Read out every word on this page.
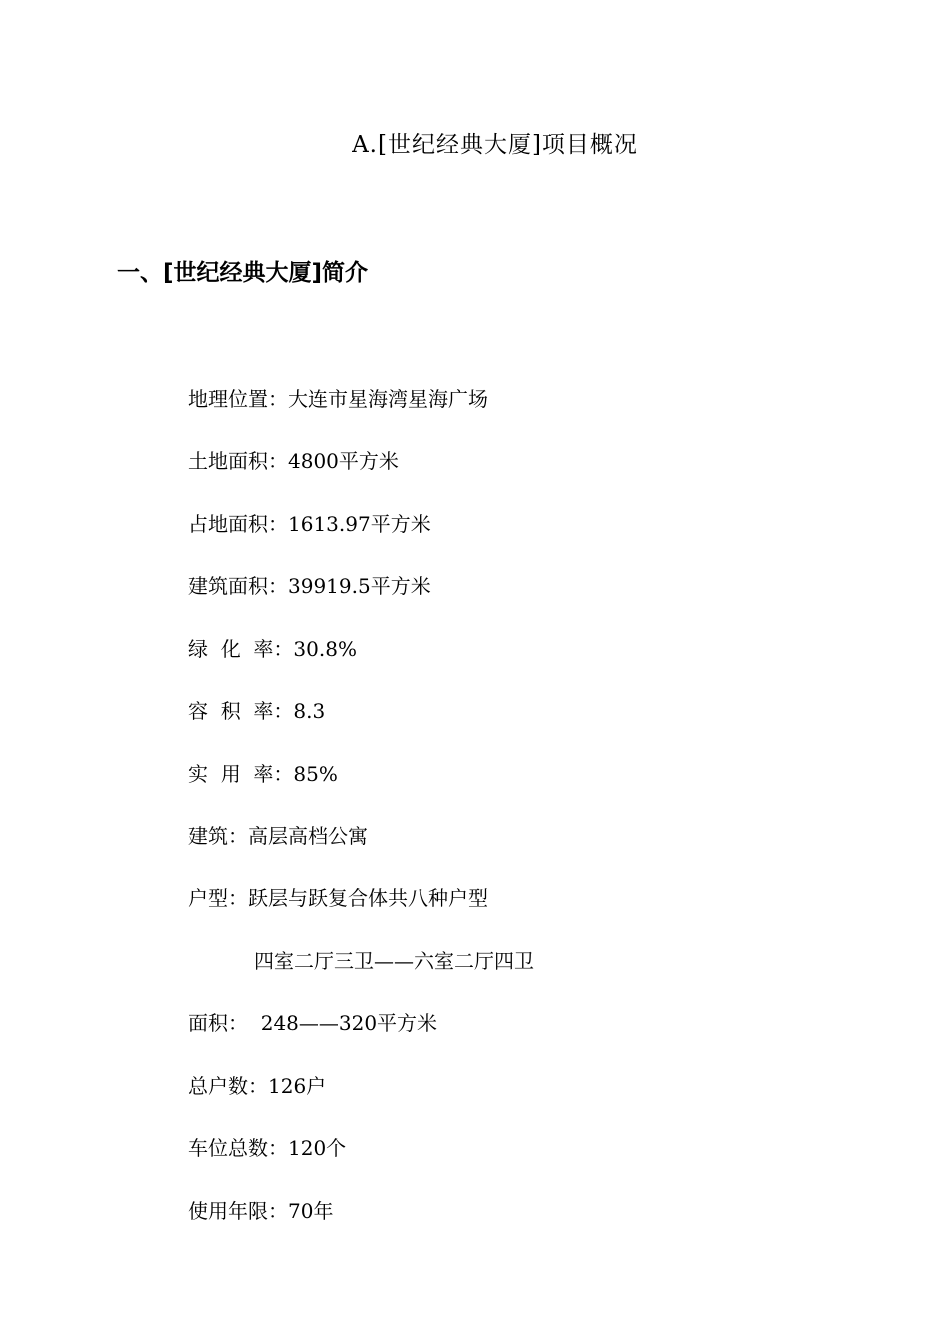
A.[世纪经典大厦]项目概况
一、[世纪经典大厦]简介
地理位置：大连市星海湾星海广场
土地面积：4800平方米
占地面积：1613.97平方米
建筑面积：39919.5平方米
绿  化  率：30.8%
容  积  率：8.3
实  用  率：85%
建筑：高层高档公寓
户型：跃层与跃复合体共八种户型
四室二厅三卫——六室二厅四卫
面积：  248——320平方米
总户数：126户
车位总数：120个
使用年限：70年
